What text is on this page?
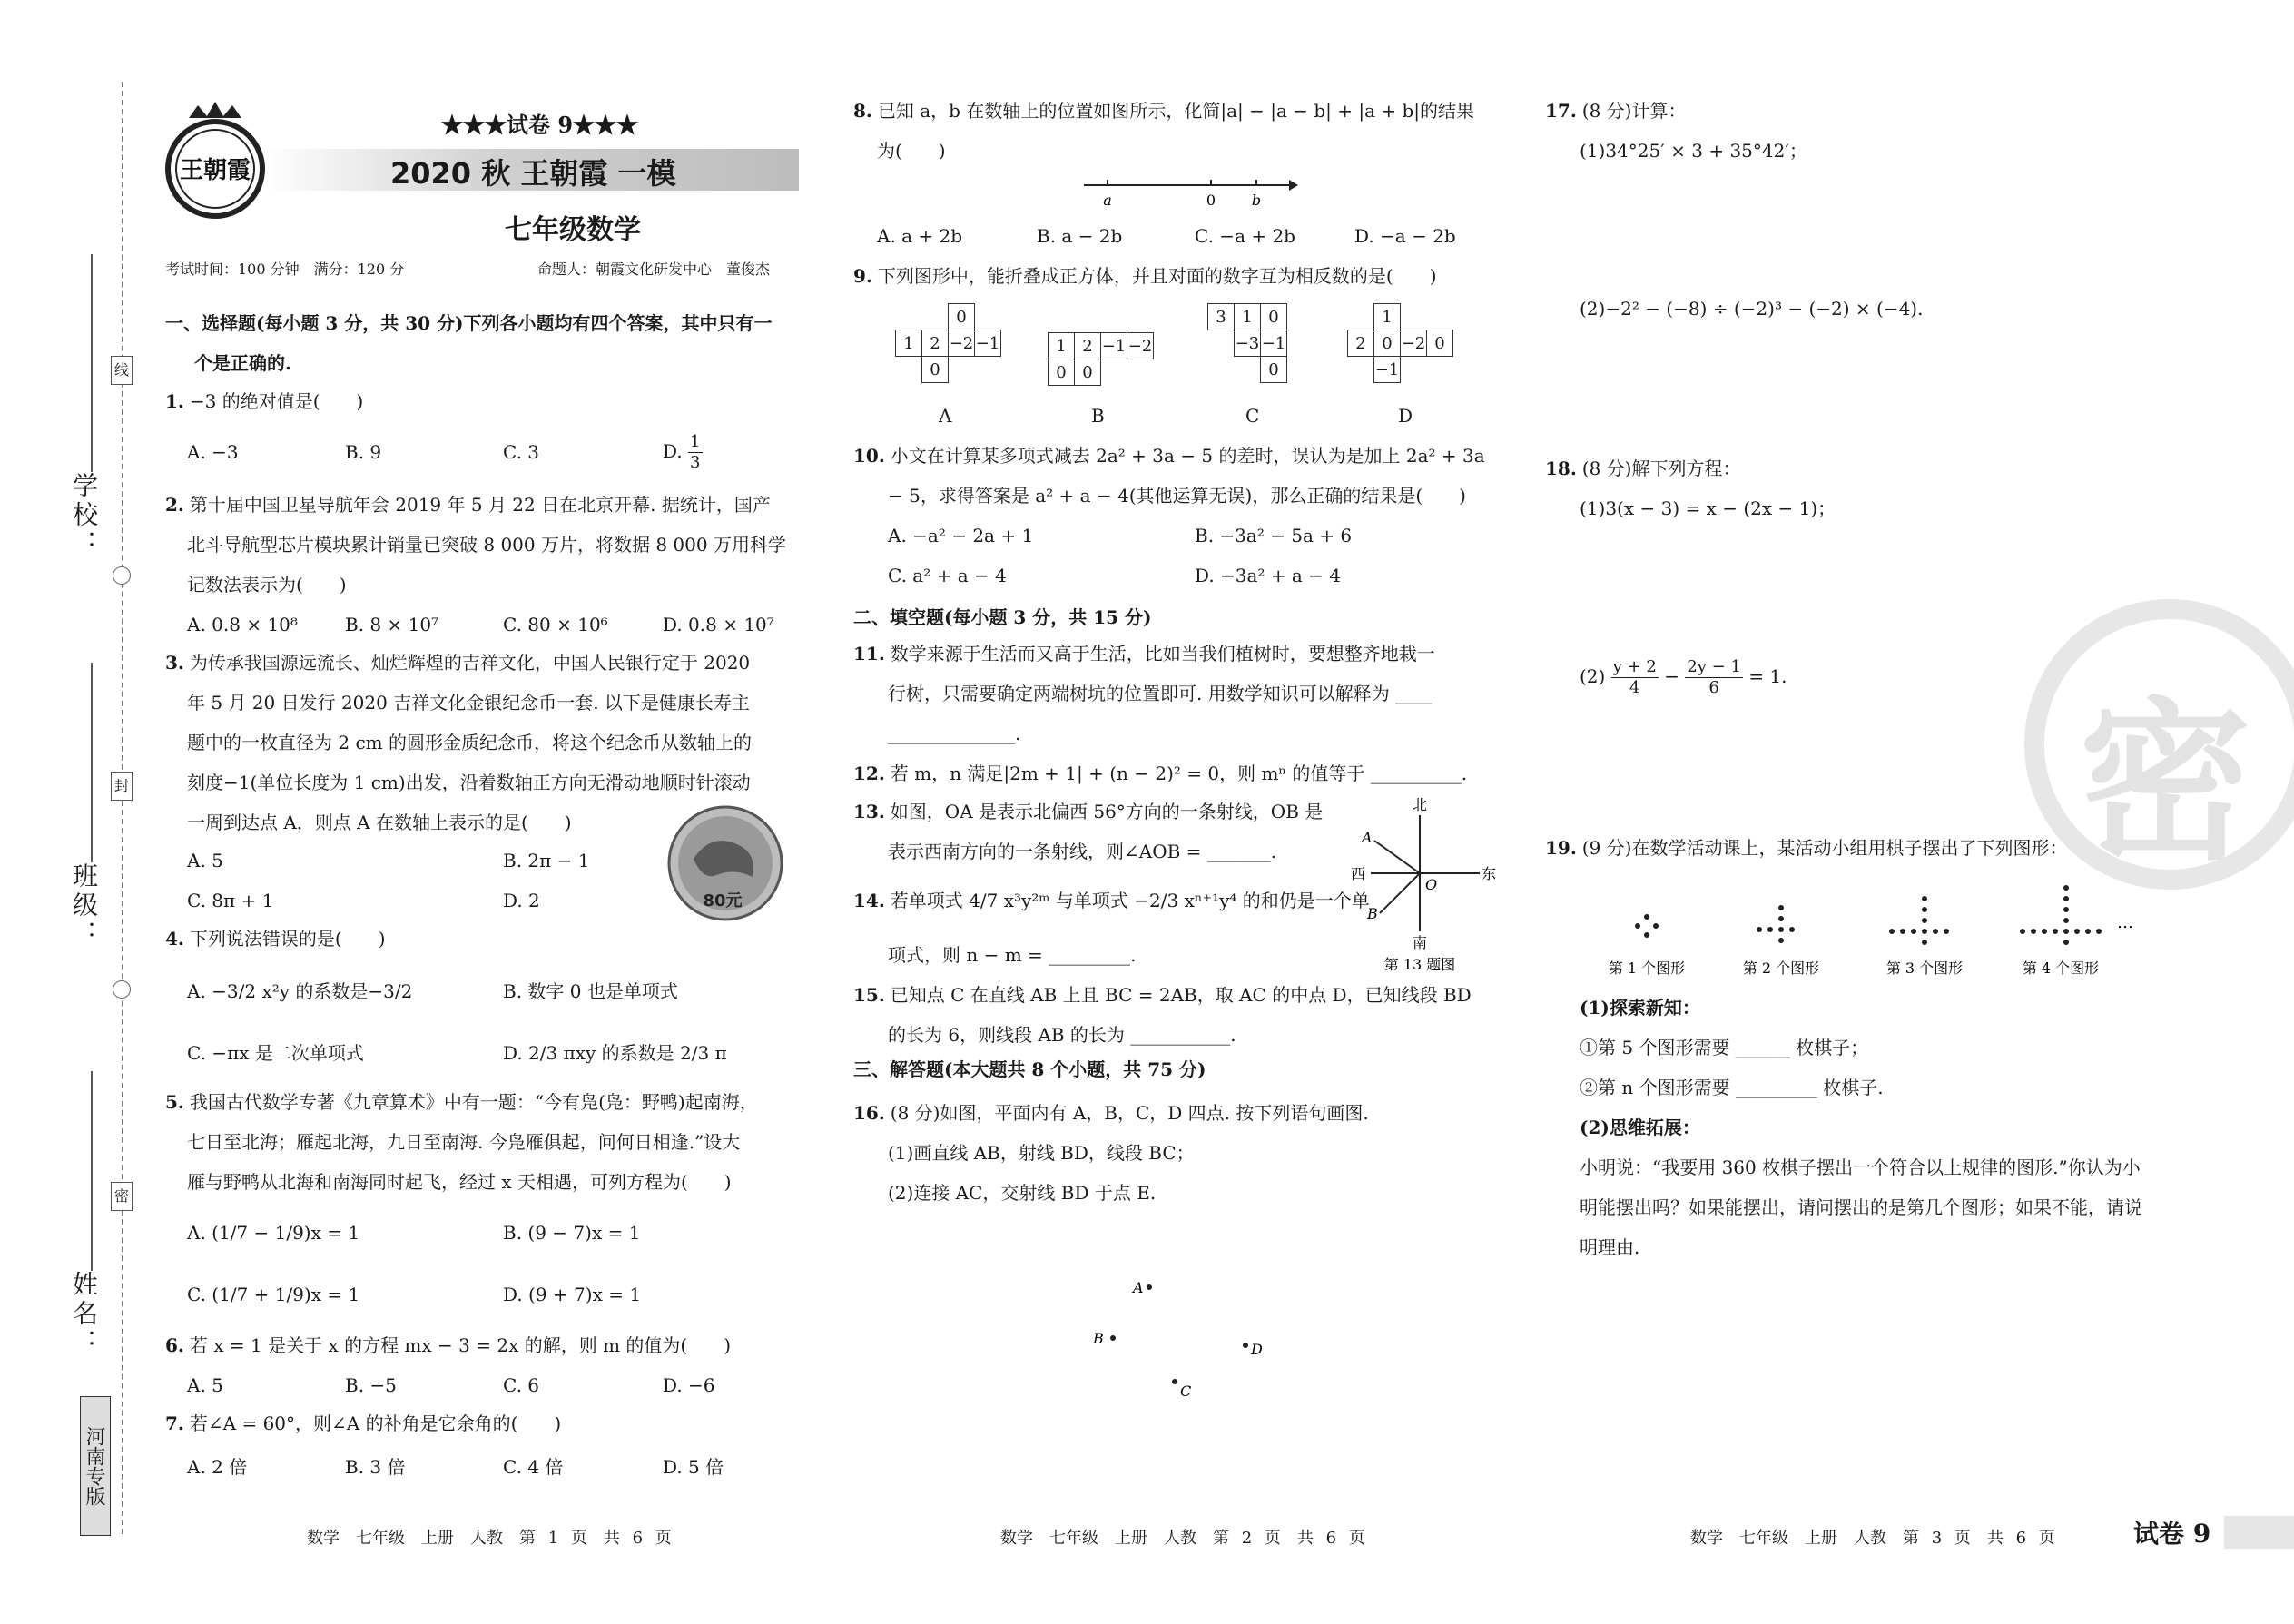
学校：
线
班级：
封
姓名：
密
河南专版
王朝霞
★★★试卷 9★★★
2020 秋 王朝霞 一模
七年级数学
考试时间：100 分钟　满分：120 分	命题人：朝霞文化研发中心　董俊杰
一、选择题(每小题 3 分，共 30 分)下列各小题均有四个答案，其中只有一
个是正确的.
1. −3 的绝对值是(　　)
A. −3	B. 9	C. 3	D. $\frac{1}{3}$
2. 第十届中国卫星导航年会 2019 年 5 月 22 日在北京开幕. 据统计，国产
北斗导航型芯片模块累计销量已突破 8 000 万片，将数据 8 000 万用科学
记数法表示为(　　)
A. 0.8 × 10⁸	B. 8 × 10⁷	C. 80 × 10⁶	D. 0.8 × 10⁷
3. 为传承我国源远流长、灿烂辉煌的吉祥文化，中国人民银行定于 2020
年 5 月 20 日发行 2020 吉祥文化金银纪念币一套. 以下是健康长寿主
题中的一枚直径为 2 cm 的圆形金质纪念币，将这个纪念币从数轴上的
刻度−1(单位长度为 1 cm)出发，沿着数轴正方向无滑动地顺时针滚动
一周到达点 A，则点 A 在数轴上表示的是(　　)
A. 5	B. 2π − 1
C. 8π + 1	D. 2	80元
4. 下列说法错误的是(　　)
A. −3/2 x²y 的系数是−3/2	B. 数字 0 也是单项式
C. −πx 是二次单项式	D. 2/3 πxy 的系数是 2/3 π
5. 我国古代数学专著《九章算术》中有一题：“今有凫(凫：野鸭)起南海，
七日至北海；雁起北海，九日至南海. 今凫雁俱起，问何日相逢.”设大
雁与野鸭从北海和南海同时起飞，经过 x 天相遇，可列方程为(　　)
A. (1/7 − 1/9)x = 1	B. (9 − 7)x = 1
C. (1/7 + 1/9)x = 1	D. (9 + 7)x = 1
6. 若 x = 1 是关于 x 的方程 mx − 3 = 2x 的解，则 m 的值为(　　)
A. 5	B. −5	C. 6	D. −6
7. 若∠A = 60°，则∠A 的补角是它余角的(　　)
A. 2 倍	B. 3 倍	C. 4 倍	D. 5 倍
8. 已知 a，b 在数轴上的位置如图所示，化简|a| − |a − b| + |a + b|的结果
为(　　)
a	0 b
A. a + 2b	B. a − 2b	C. −a + 2b	D. −a − 2b
9. 下列图形中，能折叠成正方体，并且对面的数字互为相反数的是(　　)
		0	
1	2	−2	−1
	0		
1	2	−1	−2
0	0		
3	1	0
	−3	−1
		0
	1		
2	0	−2	0
	−1		
A	B	C	D
10. 小文在计算某多项式减去 2a² + 3a − 5 的差时，误认为是加上 2a² + 3a
− 5，求得答案是 a² + a − 4(其他运算无误)，那么正确的结果是(　　)
A. −a² − 2a + 1	B. −3a² − 5a + 6
C. a² + a − 4	D. −3a² + a − 4
二、填空题(每小题 3 分，共 15 分)
11. 数学来源于生活而又高于生活，比如当我们植树时，要想整齐地栽一
行树，只需要确定两端树坑的位置即可. 用数学知识可以解释为 ____
______________.
12. 若 m，n 满足|2m + 1| + (n − 2)² = 0，则 mⁿ 的值等于 __________.
13. 如图，OA 是表示北偏西 56°方向的一条射线，OB 是
表示西南方向的一条射线，则∠AOB = _______.
北
南
西	东
A
B
O
第 13 题图
14. 若单项式 4/7 x³y²ᵐ 与单项式 −2/3 xⁿ⁺¹y⁴ 的和仍是一个单
项式，则 n − m = _________.
15. 已知点 C 在直线 AB 上且 BC = 2AB，取 AC 的中点 D，已知线段 BD
的长为 6，则线段 AB 的长为 ___________.
三、解答题(本大题共 8 个小题，共 75 分)
16. (8 分)如图，平面内有 A，B，C，D 四点. 按下列语句画图.
(1)画直线 AB，射线 BD，线段 BC；
(2)连接 AC，交射线 BD 于点 E.
A
B
C
D
密
17. (8 分)计算：
(1)34°25′ × 3 + 35°42′；
(2)−2² − (−8) ÷ (−2)³ − (−2) × (−4).
18. (8 分)解下列方程：
(1)3(x − 3) = x − (2x − 1)；
$(2) \frac{y + 2}{4} - \frac{2y - 1}{6} = 1$.
19. (9 分)在数学活动课上，某活动小组用棋子摆出了下列图形：
…
第 1 个图形	第 2 个图形	第 3 个图形	第 4 个图形
(1)探索新知：
①第 5 个图形需要 ______ 枚棋子；
②第 n 个图形需要 _________ 枚棋子.
(2)思维拓展：
小明说：“我要用 360 枚棋子摆出一个符合以上规律的图形.”你认为小
明能摆出吗？如果能摆出，请问摆出的是第几个图形；如果不能，请说
明理由.
数学　七年级　上册　人教　第 1 页　共 6 页	数学　七年级　上册　人教　第 2 页　共 6 页	数学　七年级　上册　人教　第 3 页　共 6 页	试卷 9
